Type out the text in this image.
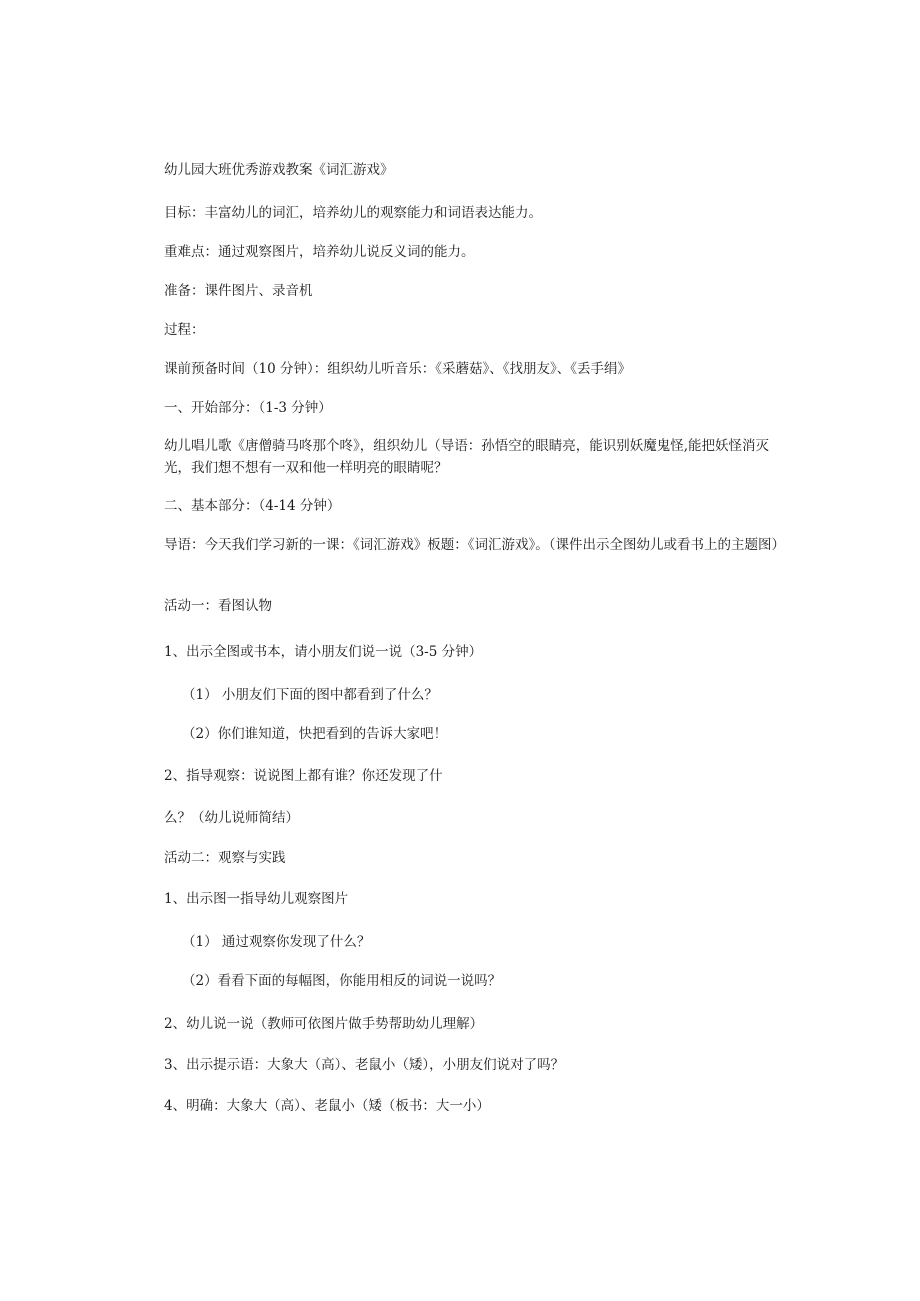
幼儿园大班优秀游戏教案《词汇游戏》
目标：丰富幼儿的词汇，培养幼儿的观察能力和词语表达能力。
重难点：通过观察图片，培养幼儿说反义词的能力。
准备：课件图片、录音机
过程：
课前预备时间（10 分钟）：组织幼儿听音乐：《采蘑菇》、《找朋友》、《丢手绢》
一、开始部分：（1-3 分钟）
幼儿唱儿歌《唐僧骑马咚那个咚》，组织幼儿（导语：孙悟空的眼睛亮，能识别妖魔鬼怪,能把妖怪消灭光，我们想不想有一双和他一样明亮的眼睛呢？
二、基本部分：（4-14 分钟）
导语：今天我们学习新的一课：《词汇游戏》板题：《词汇游戏》。（课件出示全图幼儿或看书上的主题图）
活动一：看图认物
1、出示全图或书本，请小朋友们说一说（3-5 分钟）
（1） 小朋友们下面的图中都看到了什么？
（2）你们谁知道，快把看到的告诉大家吧！
2、指导观察：说说图上都有谁？你还发现了什
么？（幼儿说师简结）
活动二：观察与实践
1、出示图一指导幼儿观察图片
（1） 通过观察你发现了什么？
（2）看看下面的每幅图，你能用相反的词说一说吗？
2、幼儿说一说（教师可依图片做手势帮助幼儿理解）
3、出示提示语：大象大（高）、老鼠小（矮），小朋友们说对了吗？
4、明确：大象大（高）、老鼠小（矮（板书：大一小）
